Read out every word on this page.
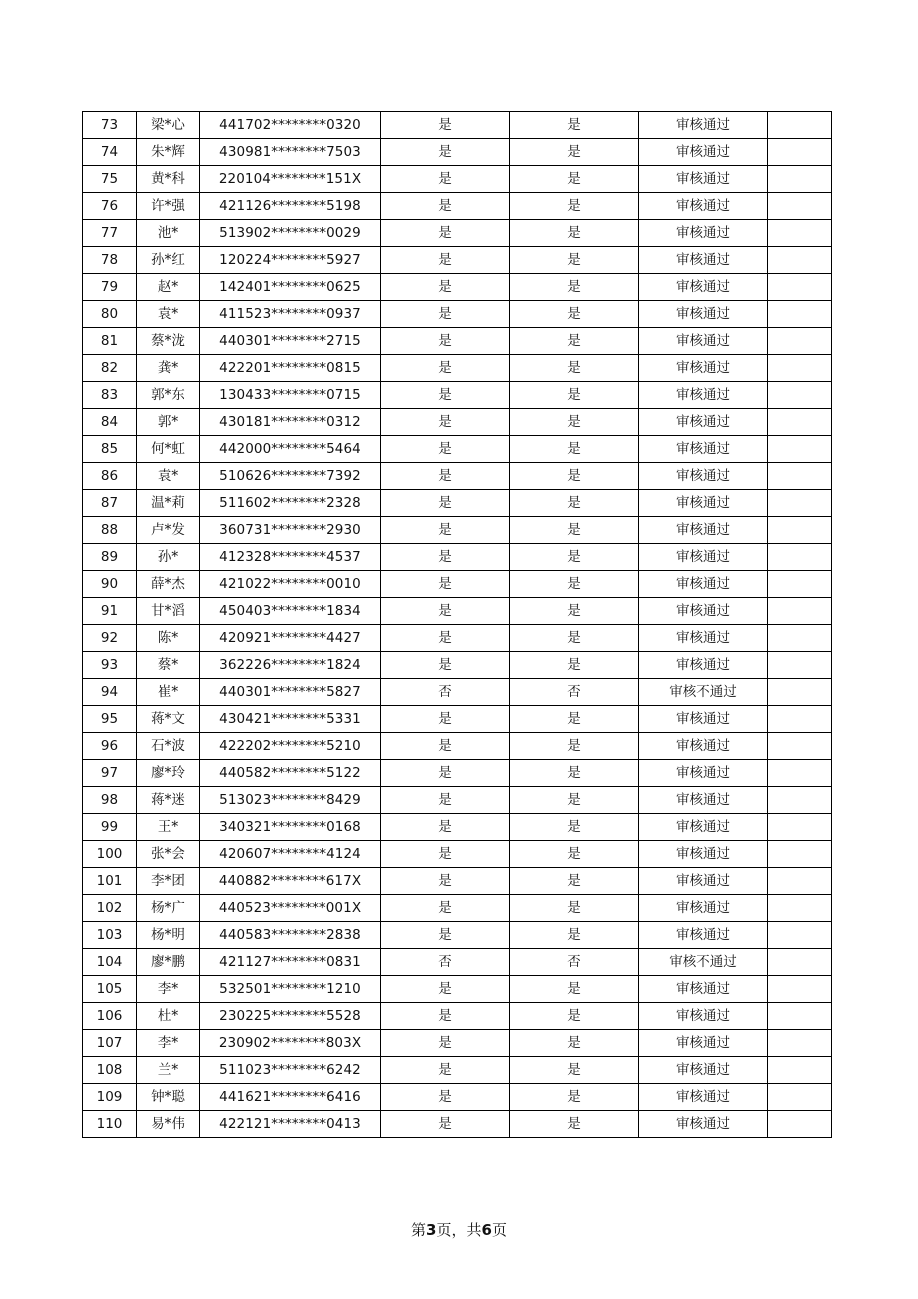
73	梁*心	441702********0320	是	是	审核通过	
74	朱*辉	430981********7503	是	是	审核通过	
75	黄*科	220104********151X	是	是	审核通过	
76	许*强	421126********5198	是	是	审核通过	
77	池*	513902********0029	是	是	审核通过	
78	孙*红	120224********5927	是	是	审核通过	
79	赵*	142401********0625	是	是	审核通过	
80	袁*	411523********0937	是	是	审核通过	
81	蔡*泷	440301********2715	是	是	审核通过	
82	龚*	422201********0815	是	是	审核通过	
83	郭*东	130433********0715	是	是	审核通过	
84	郭*	430181********0312	是	是	审核通过	
85	何*虹	442000********5464	是	是	审核通过	
86	袁*	510626********7392	是	是	审核通过	
87	温*莉	511602********2328	是	是	审核通过	
88	卢*发	360731********2930	是	是	审核通过	
89	孙*	412328********4537	是	是	审核通过	
90	薛*杰	421022********0010	是	是	审核通过	
91	甘*滔	450403********1834	是	是	审核通过	
92	陈*	420921********4427	是	是	审核通过	
93	蔡*	362226********1824	是	是	审核通过	
94	崔*	440301********5827	否	否	审核不通过	
95	蒋*文	430421********5331	是	是	审核通过	
96	石*波	422202********5210	是	是	审核通过	
97	廖*玲	440582********5122	是	是	审核通过	
98	蒋*迷	513023********8429	是	是	审核通过	
99	王*	340321********0168	是	是	审核通过	
100	张*会	420607********4124	是	是	审核通过	
101	李*团	440882********617X	是	是	审核通过	
102	杨*广	440523********001X	是	是	审核通过	
103	杨*明	440583********2838	是	是	审核通过	
104	廖*鹏	421127********0831	否	否	审核不通过	
105	李*	532501********1210	是	是	审核通过	
106	杜*	230225********5528	是	是	审核通过	
107	李*	230902********803X	是	是	审核通过	
108	兰*	511023********6242	是	是	审核通过	
109	钟*聪	441621********6416	是	是	审核通过	
110	易*伟	422121********0413	是	是	审核通过	
第3页，共6页
